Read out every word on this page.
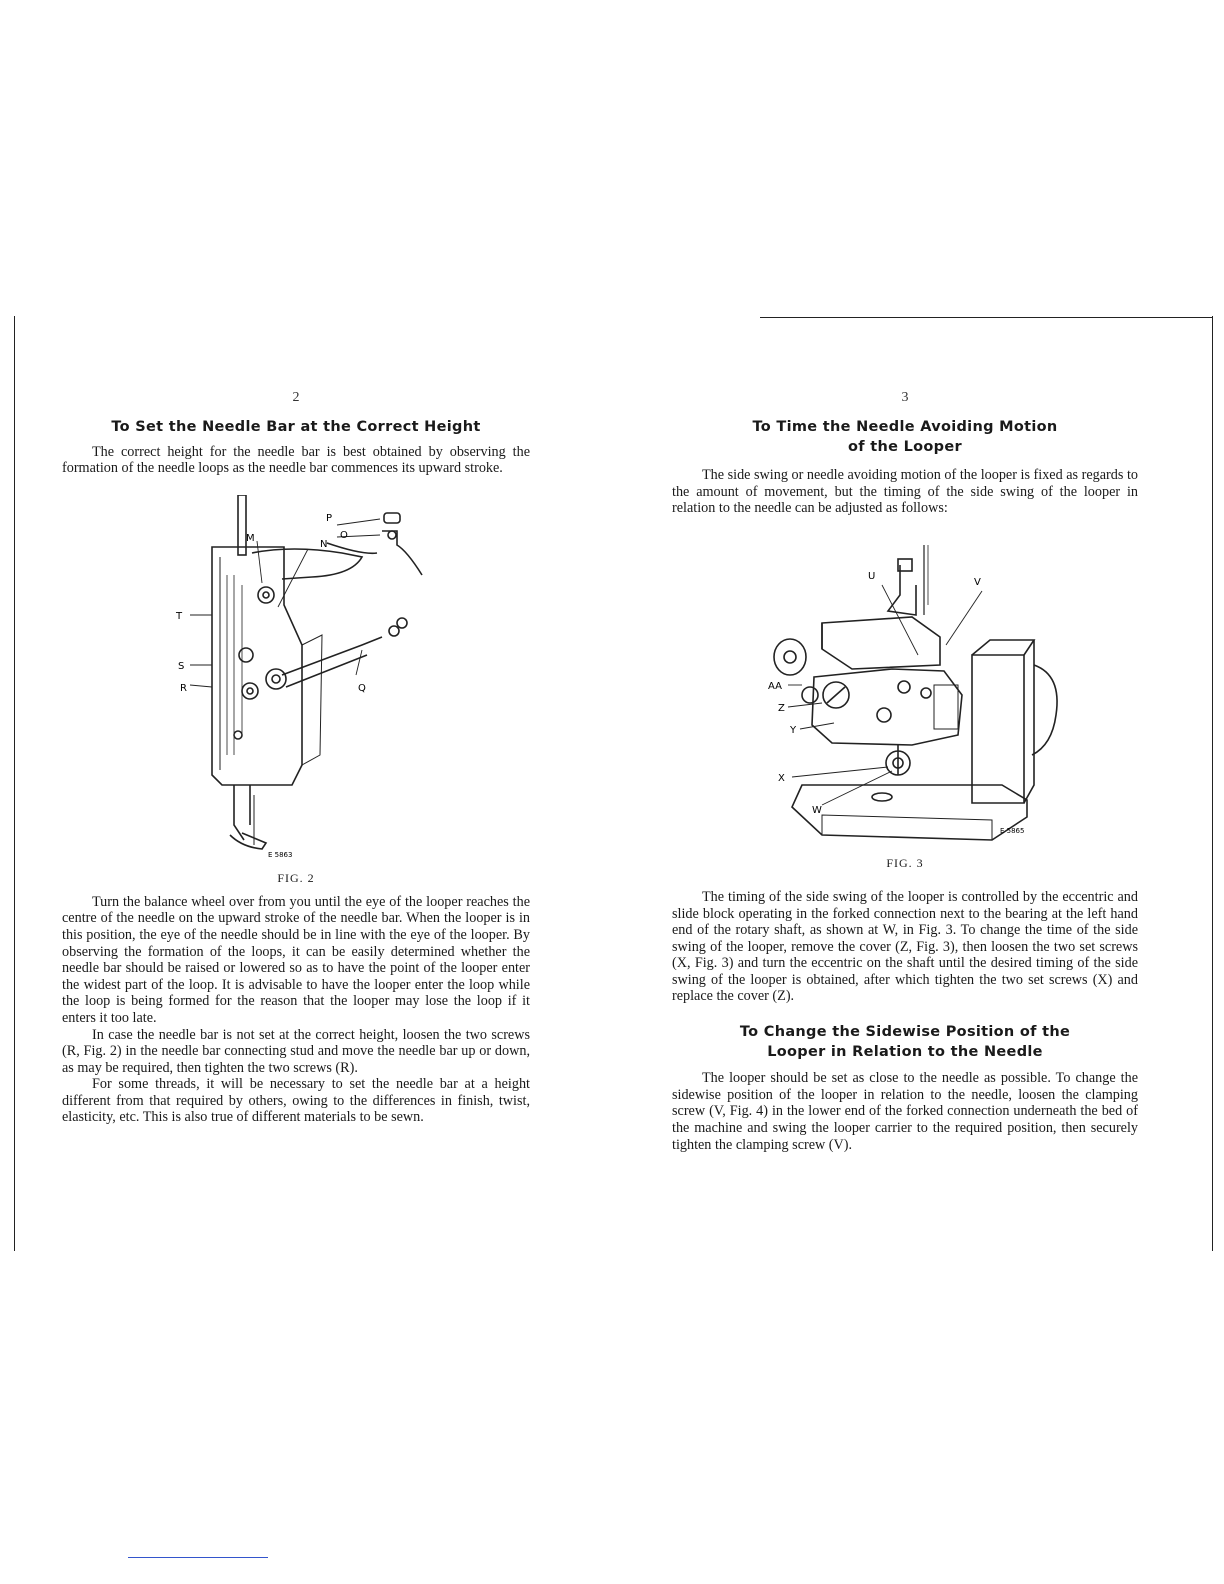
2
To Set the Needle Bar at the Correct Height

The correct height for the needle bar is best obtained by observing the formation of the needle loops as the needle bar commences its upward stroke.

M
N
P
O
T
S
R	Q
E 5863
FIG. 2

Turn the balance wheel over from you until the eye of the looper reaches the centre of the needle on the upward stroke of the needle bar. When the looper is in this position, the eye of the needle should be in line with the eye of the looper. By observing the formation of the loops, it can be easily determined whether the needle bar should be raised or lowered so as to have the point of the looper enter the widest part of the loop. It is advisable to have the looper enter the loop while the loop is being formed for the reason that the looper may lose the loop if it enters it too late.

In case the needle bar is not set at the correct height, loosen the two screws (R, Fig. 2) in the needle bar connecting stud and move the needle bar up or down, as may be required, then tighten the two screws (R).

For some threads, it will be necessary to set the needle bar at a height different from that required by others, owing to the differences in finish, twist, elasticity, etc. This is also true of different materials to be sewn.

3
To Time the Needle Avoiding Motion
of the Looper

The side swing or needle avoiding motion of the looper is fixed as regards to the amount of movement, but the timing of the side swing of the looper in relation to the needle can be adjusted as follows:

U
V
AA
Z
Y
X
W
E 5865
FIG. 3

The timing of the side swing of the looper is controlled by the eccentric and slide block operating in the forked connection next to the bearing at the left hand end of the rotary shaft, as shown at W, in Fig. 3. To change the time of the side swing of the looper, remove the cover (Z, Fig. 3), then loosen the two set screws (X, Fig. 3) and turn the eccentric on the shaft until the desired timing of the side swing of the looper is obtained, after which tighten the two set screws (X) and replace the cover (Z).

To Change the Sidewise Position of the
Looper in Relation to the Needle

The looper should be set as close to the needle as possible. To change the sidewise position of the looper in relation to the needle, loosen the clamping screw (V, Fig. 4) in the lower end of the forked connection underneath the bed of the machine and swing the looper carrier to the required position, then securely tighten the clamping screw (V).
